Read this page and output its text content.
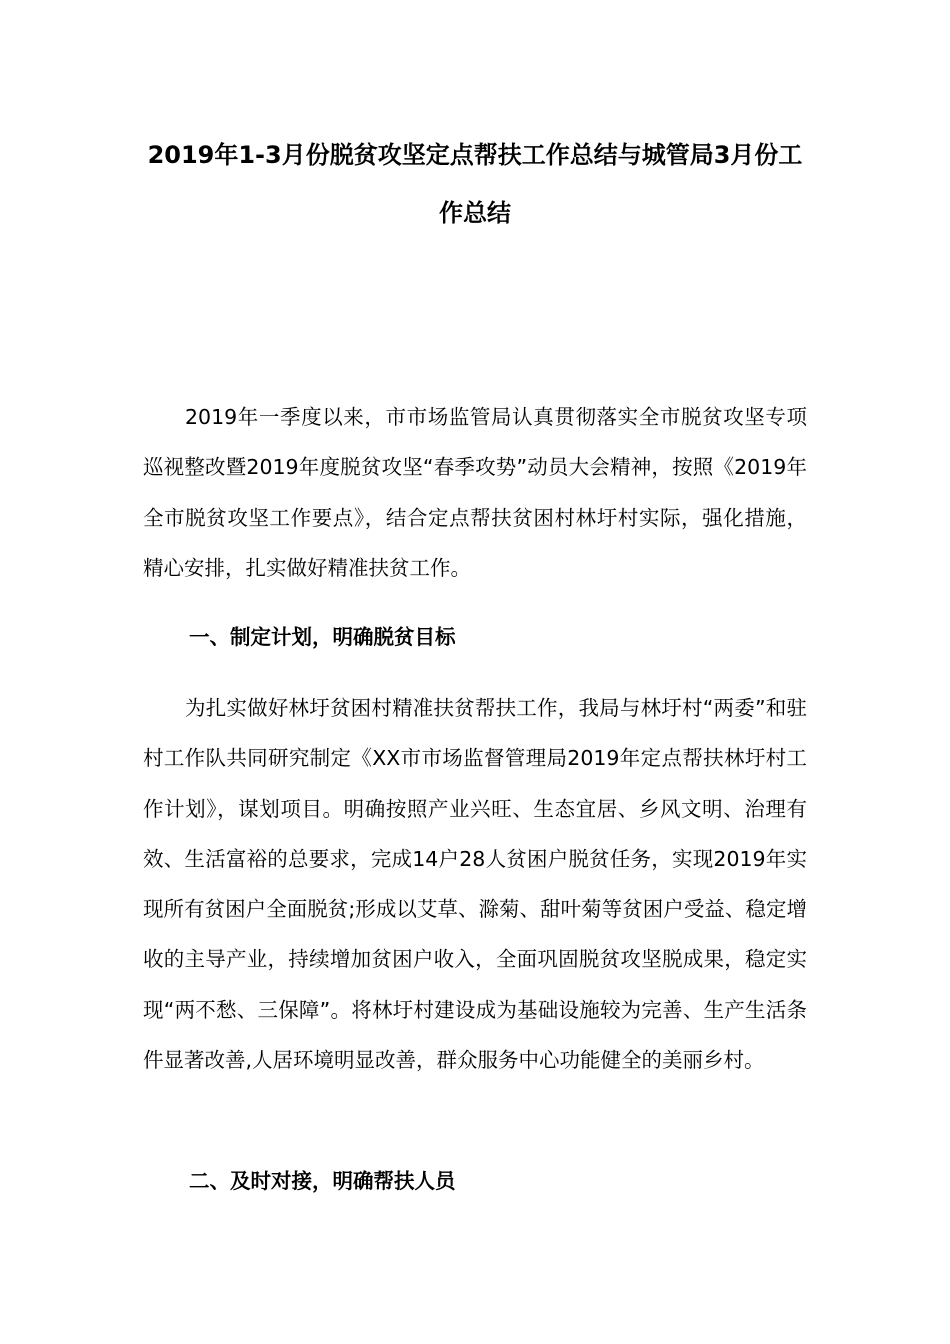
2019年1-3月份脱贫攻坚定点帮扶工作总结与城管局3月份工作总结

2019年一季度以来，市市场监管局认真贯彻落实全市脱贫攻坚专项巡视整改暨2019年度脱贫攻坚“春季攻势”动员大会精神，按照《2019年全市脱贫攻坚工作要点》，结合定点帮扶贫困村林圩村实际，强化措施，精心安排，扎实做好精准扶贫工作。

一、制定计划，明确脱贫目标

为扎实做好林圩贫困村精准扶贫帮扶工作，我局与林圩村“两委”和驻村工作队共同研究制定《XX市市场监督管理局2019年定点帮扶林圩村工作计划》，谋划项目。明确按照产业兴旺、生态宜居、乡风文明、治理有效、生活富裕的总要求，完成14户28人贫困户脱贫任务，实现2019年实现所有贫困户全面脱贫;形成以艾草、滁菊、甜叶菊等贫困户受益、稳定增收的主导产业，持续增加贫困户收入，全面巩固脱贫攻坚脱成果，稳定实现“两不愁、三保障”。将林圩村建设成为基础设施较为完善、生产生活条件显著改善,人居环境明显改善，群众服务中心功能健全的美丽乡村。

二、及时对接，明确帮扶人员
